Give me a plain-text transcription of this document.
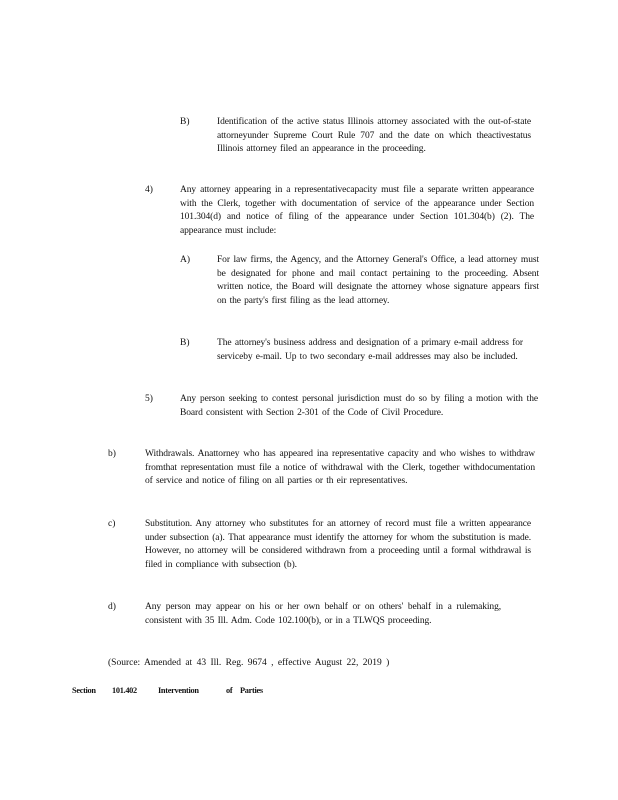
B)	Identification of the active status Illinois attorney associated with the out-of-state attorneyunder Supreme Court Rule 707 and the date on which theactivestatus Illinois attorney filed an appearance in the proceeding.
4)	Any attorney appearing in a representativecapacity must file a separate written appearance with the Clerk, together with documentation of service of the appearance under Section 101.304(d) and notice of filing of the appearance under Section 101.304(b) (2). The appearance must include:
A)	For law firms, the Agency, and the Attorney General's Office, a lead attorney must be designated for phone and mail contact pertaining to the proceeding. Absent written notice, the Board will designate the attorney whose signature appears first on the party's first filing as the lead attorney.
B)	The attorney's business address and designation of a primary e-mail address for serviceby e-mail. Up to two secondary e-mail addresses may also be included.
5)	Any person seeking to contest personal jurisdiction must do so by filing a motion with the Board consistent with Section 2-301 of the Code of Civil Procedure.
b)	Withdrawals. Anattorney who has appeared ina representative capacity and who wishes to withdraw fromthat representation must file a notice of withdrawal with the Clerk, together withdocumentation of service and notice of filing on all parties or th eir representatives.
c)	Substitution. Any attorney who substitutes for an attorney of record must file a written appearance under subsection (a). That appearance must identify the attorney for whom the substitution is made. However, no attorney will be considered withdrawn from a proceeding until a formal withdrawal is filed in compliance with subsection (b).
d)	Any person may appear on his or her own behalf or on others' behalf in a rulemaking, consistent with 35 Ill. Adm. Code 102.100(b), or in a TLWQS proceeding.
(Source: Amended at 43 Ill. Reg. 9674 , effective August 22, 2019 )
Section	101.402	Intervention	of Parties
